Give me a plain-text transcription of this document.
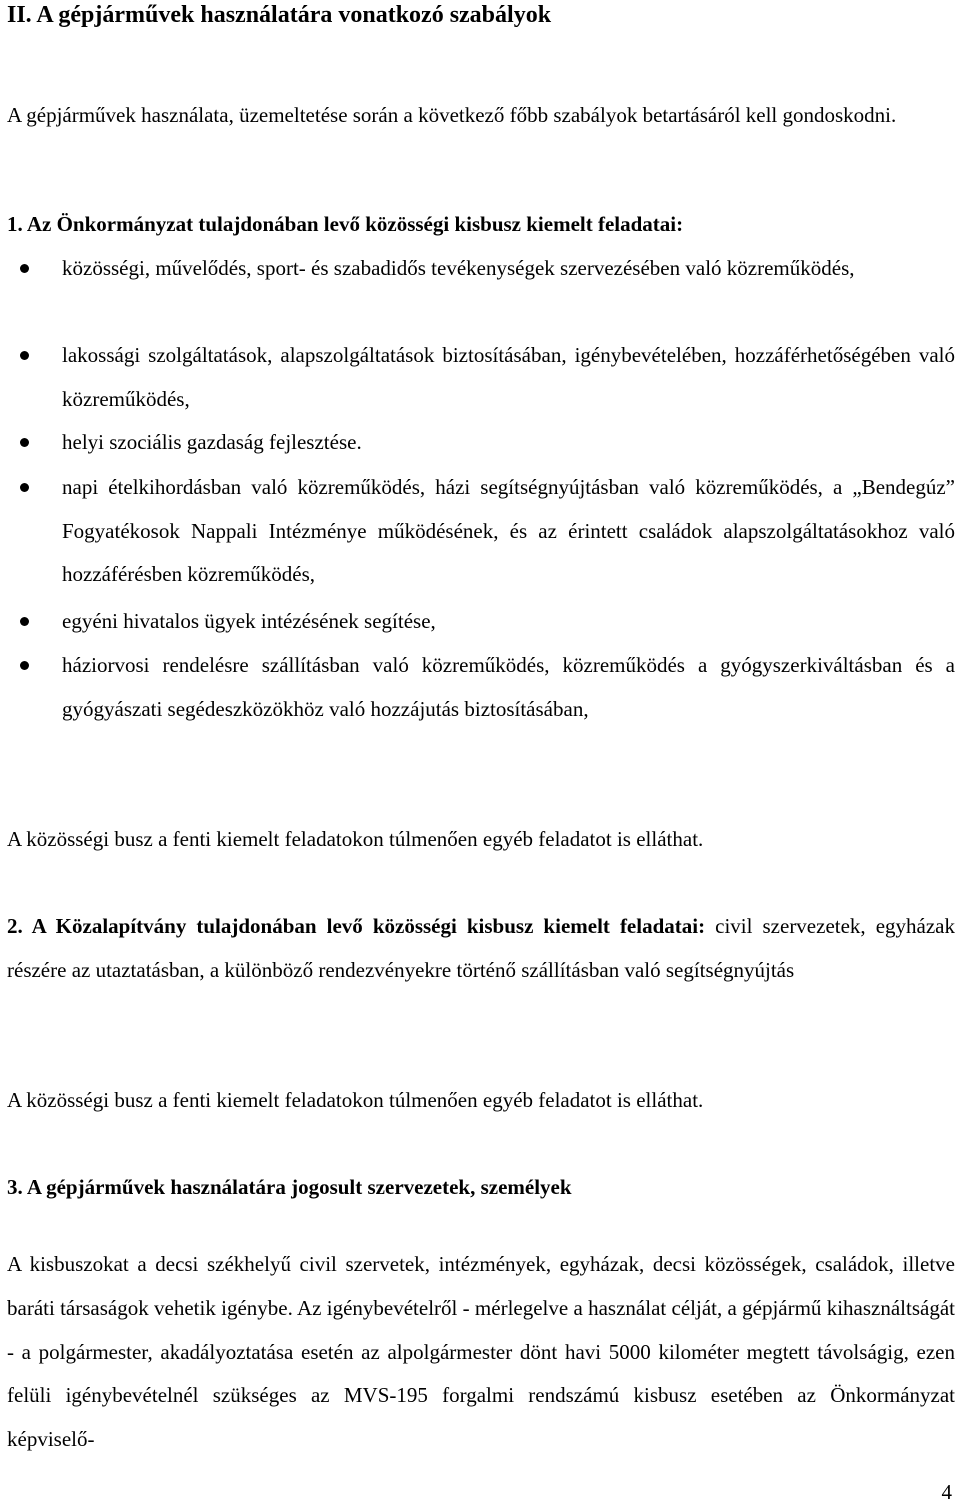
II. A gépjárművek használatára vonatkozó szabályok
A gépjárművek használata, üzemeltetése során a következő főbb szabályok betartásáról kell gondoskodni.
1. Az Önkormányzat tulajdonában levő közösségi kisbusz kiemelt feladatai:
közösségi, művelődés, sport- és szabadidős tevékenységek szervezésében való közreműködés,
lakossági szolgáltatások, alapszolgáltatások biztosításában, igénybevételében, hozzáférhetőségében való közreműködés,
helyi szociális gazdaság fejlesztése.
napi ételkihordásban való közreműködés, házi segítségnyújtásban való közreműködés, a „Bendegúz” Fogyatékosok Nappali Intézménye működésének, és az érintett családok alapszolgáltatásokhoz való hozzáférésben közreműködés,
egyéni hivatalos ügyek intézésének segítése,
háziorvosi rendelésre szállításban való közreműködés, közreműködés a gyógyszerkiváltásban és a gyógyászati segédeszközökhöz való hozzájutás biztosításában,
A közösségi busz a fenti kiemelt feladatokon túlmenően egyéb feladatot is elláthat.
2. A Közalapítvány tulajdonában levő közösségi kisbusz kiemelt feladatai: civil szervezetek, egyházak részére az utaztatásban, a különböző rendezvényekre történő szállításban való segítségnyújtás
A közösségi busz a fenti kiemelt feladatokon túlmenően egyéb feladatot is elláthat.
3. A gépjárművek használatára jogosult szervezetek, személyek
A kisbuszokat a decsi székhelyű civil szervetek, intézmények, egyházak, decsi közösségek, családok, illetve baráti társaságok vehetik igénybe. Az igénybevételről - mérlegelve a használat célját, a gépjármű kihasználtságát - a polgármester, akadályoztatása esetén az alpolgármester dönt havi 5000 kilométer megtett távolságig, ezen felüli igénybevételnél szükséges az MVS-195 forgalmi rendszámú kisbusz esetében az Önkormányzat képviselő-
4
